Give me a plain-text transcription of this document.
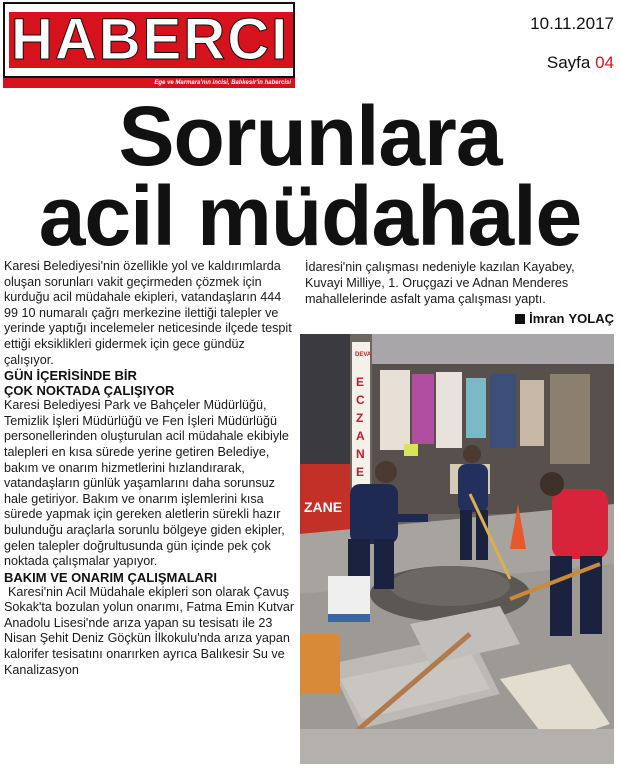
HABERCI
Ege ve Marmara'nın incisi, Balıkesir'in habercisi
10.11.2017
Sayfa 04
Sorunlara
acil müdahale

Karesi Belediyesi'nin özellikle yol ve kaldırımlarda oluşan sorunları vakit geçirmeden çözmek için kurduğu acil müdahale ekipleri, vatandaşların 444 99 10 numaralı çağrı merkezine ilettiği talepler ve yerinde yaptığı incelemeler neticesinde ilçede tespit ettiği eksiklikleri gidermek için gece gündüz çalışıyor.

GÜN İÇERİSİNDE BİR
ÇOK NOKTADA ÇALIŞIYOR

Karesi Belediyesi Park ve Bahçeler Müdürlüğü, Temizlik İşleri Müdürlüğü ve Fen İşleri Müdürlüğü personellerinden oluşturulan acil müdahale ekibiyle talepleri en kısa sürede yerine getiren Belediye, bakım ve onarım hizmetlerini hızlandırarak, vatandaşların günlük yaşamlarını daha sorunsuz hale getiriyor. Bakım ve onarım işlemlerini kısa sürede yapmak için gereken aletlerin sürekli hazır bulunduğu araçlarla sorunlu bölgeye giden ekipler, gelen talepler doğrultusunda gün içinde pek çok noktada çalışmalar yapıyor.

BAKIM VE ONARIM ÇALIŞMALARI

Karesi'nin Acil Müdahale ekipleri son olarak Çavuş Sokak'ta bozulan yolun onarımı, Fatma Emin Kutvar Anadolu Lisesi'nde arıza yapan su tesisatı ile 23 Nisan Şehit Deniz Göçkün İlkokulu'nda arıza yapan kalorifer tesisatını onarırken ayrıca Balıkesir Su ve Kanalizasyon

İdaresi'nin çalışması nedeniyle kazılan Kayabey, Kuvayi Milliye, 1. Oruçgazi ve Adnan Menderes mahallelerinde asfalt yama çalışması yaptı.

İmran YOLAÇ
ZANE
DEVA
E
C
Z
A
N
E
